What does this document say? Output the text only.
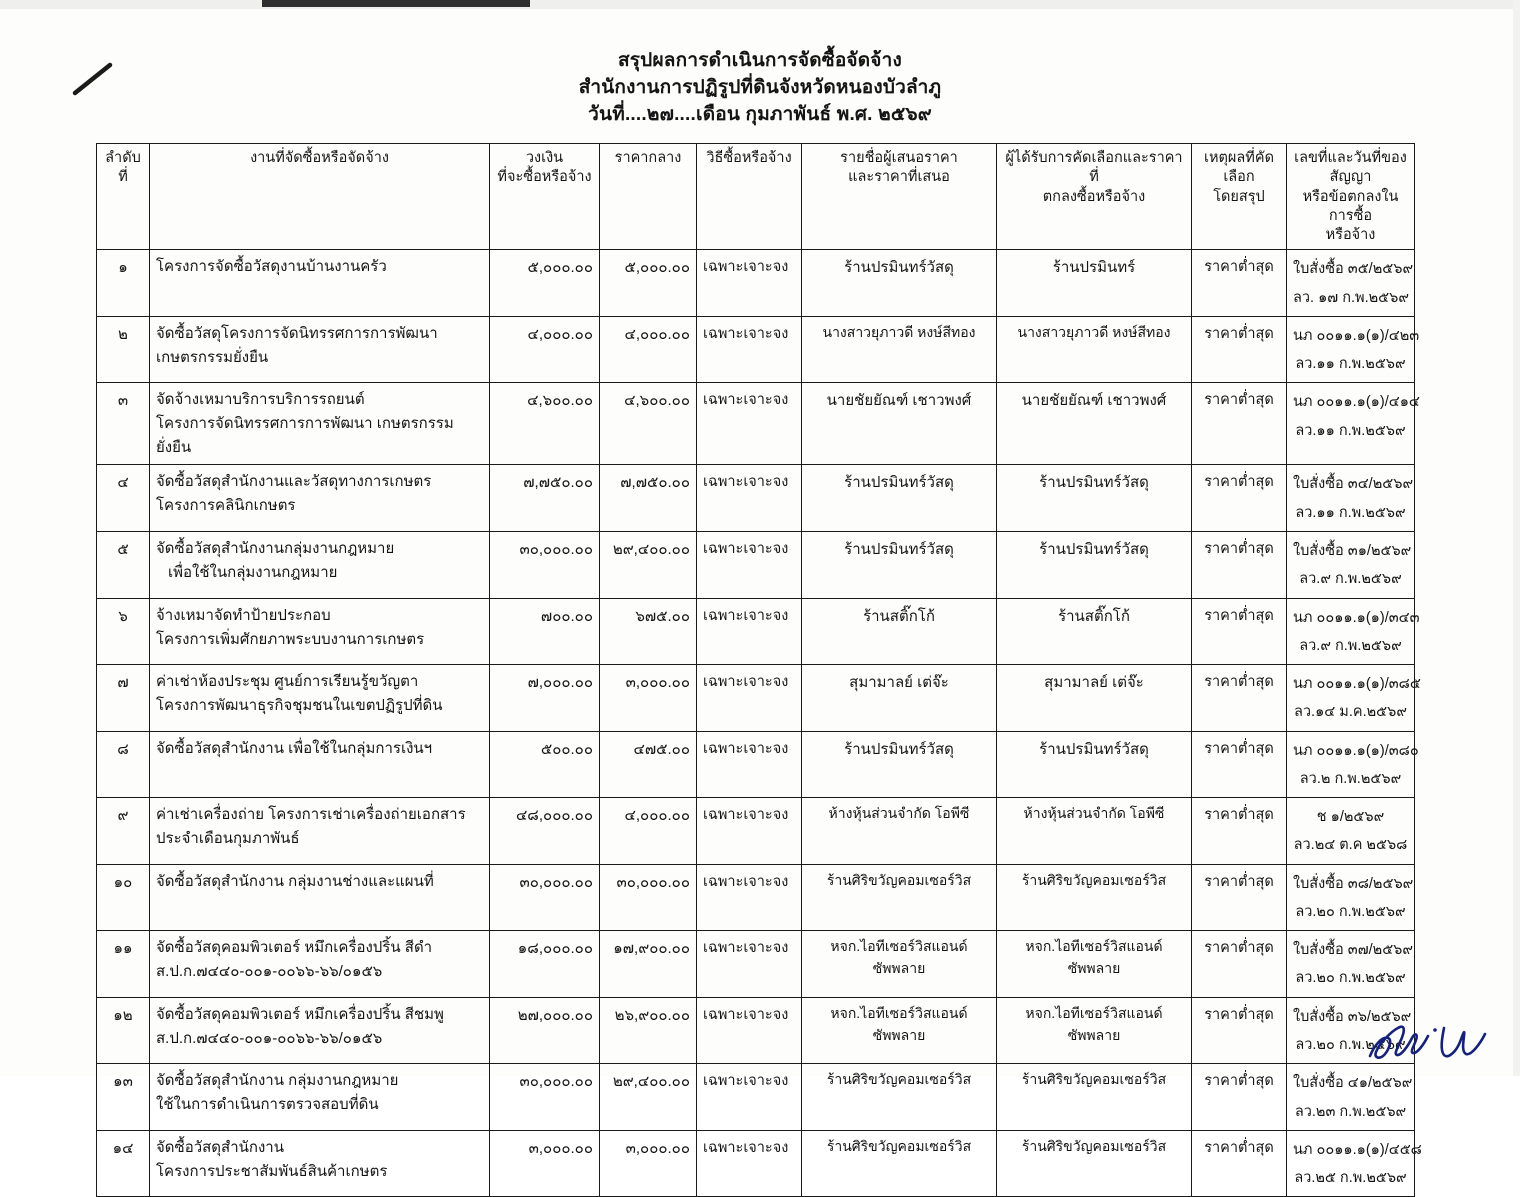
สรุปผลการดำเนินการจัดซื้อจัดจ้าง
สำนักงานการปฏิรูปที่ดินจังหวัดหนองบัวลำภู
วันที่....๒๗....เดือน กุมภาพันธ์ พ.ศ. ๒๕๖๙
ลำดับที่	งานที่จัดซื้อหรือจัดจ้าง	วงเงิน
ที่จะซื้อหรือจ้าง	ราคากลาง	วิธีซื้อหรือจ้าง	รายชื่อผู้เสนอราคา
และราคาที่เสนอ	ผู้ได้รับการคัดเลือกและราคาที่
ตกลงซื้อหรือจ้าง	เหตุผลที่คัดเลือก
โดยสรุป	เลขที่และวันที่ของสัญญา
หรือข้อตกลงในการซื้อ
หรือจ้าง
๑	โครงการจัดซื้อวัสดุงานบ้านงานครัว	๕,๐๐๐.๐๐	๕,๐๐๐.๐๐	เฉพาะเจาะจง	ร้านปรมินทร์วัสดุ	ร้านปรมินทร์	ราคาต่ำสุด	ใบสั่งซื้อ ๓๕/๒๕๖๙
ลว. ๑๗ ก.พ.๒๕๖๙

๒	จัดซื้อวัสดุโครงการจัดนิทรรศการการพัฒนา
เกษตรกรรมยั่งยืน	๔,๐๐๐.๐๐	๔,๐๐๐.๐๐	เฉพาะเจาะจง	นางสาวยุภาวดี หงษ์สีทอง	นางสาวยุภาวดี หงษ์สีทอง	ราคาต่ำสุด	นภ ๐๐๑๑.๑(๑)/๔๒๓
ลว.๑๑ ก.พ.๒๕๖๙

๓	จัดจ้างเหมาบริการบริการรถยนต์
โครงการจัดนิทรรศการการพัฒนา เกษตรกรรมยั่งยืน	๔,๖๐๐.๐๐	๔,๖๐๐.๐๐	เฉพาะเจาะจง	นายชัยยัณฑ์ เชาวพงศ์	นายชัยยัณฑ์ เชาวพงศ์	ราคาต่ำสุด	นภ ๐๐๑๑.๑(๑)/๔๑๔
ลว.๑๑ ก.พ.๒๕๖๙

๔	จัดซื้อวัสดุสำนักงานและวัสดุทางการเกษตร
โครงการคลินิกเกษตร	๗,๗๕๐.๐๐	๗,๗๕๐.๐๐	เฉพาะเจาะจง	ร้านปรมินทร์วัสดุ	ร้านปรมินทร์วัสดุ	ราคาต่ำสุด	ใบสั่งซื้อ ๓๔/๒๕๖๙
ลว.๑๑ ก.พ.๒๕๖๙

๕	จัดซื้อวัสดุสำนักงานกลุ่มงานกฎหมาย
เพื่อใช้ในกลุ่มงานกฎหมาย	๓๐,๐๐๐.๐๐	๒๙,๔๐๐.๐๐	เฉพาะเจาะจง	ร้านปรมินทร์วัสดุ	ร้านปรมินทร์วัสดุ	ราคาต่ำสุด	ใบสั่งซื้อ ๓๑/๒๕๖๙
ลว.๙ ก.พ.๒๕๖๙

๖	จ้างเหมาจัดทำป้ายประกอบ
โครงการเพิ่มศักยภาพระบบงานการเกษตร	๗๐๐.๐๐	๖๗๕.๐๐	เฉพาะเจาะจง	ร้านสติ๊กโก้	ร้านสติ๊กโก้	ราคาต่ำสุด	นภ ๐๐๑๑.๑(๑)/๓๔๓
ลว.๙ ก.พ.๒๕๖๙

๗	ค่าเช่าห้องประชุม ศูนย์การเรียนรู้ขวัญตา
โครงการพัฒนาธุรกิจชุมชนในเขตปฏิรูปที่ดิน	๗,๐๐๐.๐๐	๓,๐๐๐.๐๐	เฉพาะเจาะจง	สุมามาลย์ เต่จ๊ะ	สุมามาลย์ เต่จ๊ะ	ราคาต่ำสุด	นภ ๐๐๑๑.๑(๑)/๓๘๕
ลว.๑๔ ม.ค.๒๕๖๙

๘	จัดซื้อวัสดุสำนักงาน เพื่อใช้ในกลุ่มการเงินฯ	๕๐๐.๐๐	๔๗๕.๐๐	เฉพาะเจาะจง	ร้านปรมินทร์วัสดุ	ร้านปรมินทร์วัสดุ	ราคาต่ำสุด	นภ ๐๐๑๑.๑(๑)/๓๘๐
ลว.๒ ก.พ.๒๕๖๙

๙	ค่าเช่าเครื่องถ่าย โครงการเช่าเครื่องถ่ายเอกสาร
ประจำเดือนกุมภาพันธ์	๔๘,๐๐๐.๐๐	๔,๐๐๐.๐๐	เฉพาะเจาะจง	ห้างหุ้นส่วนจำกัด โอพีซี	ห้างหุ้นส่วนจำกัด โอพีซี	ราคาต่ำสุด	ช ๑/๒๕๖๙
ลว.๒๔ ต.ค ๒๕๖๘

๑๐	จัดซื้อวัสดุสำนักงาน กลุ่มงานช่างและแผนที่	๓๐,๐๐๐.๐๐	๓๐,๐๐๐.๐๐	เฉพาะเจาะจง	ร้านศิริขวัญคอมเซอร์วิส	ร้านศิริขวัญคอมเซอร์วิส	ราคาต่ำสุด	ใบสั่งซื้อ ๓๘/๒๕๖๙
ลว.๒๐ ก.พ.๒๕๖๙

๑๑	จัดซื้อวัสดุคอมพิวเตอร์ หมึกเครื่องปริ้น สีดำ
ส.ป.ก.๗๔๔๐-๐๐๑-๐๐๖๖-๖๖/๐๑๕๖	๑๘,๐๐๐.๐๐	๑๗,๙๐๐.๐๐	เฉพาะเจาะจง	หจก.ไอทีเซอร์วิสแอนด์ซัพพลาย	หจก.ไอทีเซอร์วิสแอนด์ซัพพลาย	ราคาต่ำสุด	ใบสั่งซื้อ ๓๗/๒๕๖๙
ลว.๒๐ ก.พ.๒๕๖๙

๑๒	จัดซื้อวัสดุคอมพิวเตอร์ หมึกเครื่องปริ้น สีชมพู
ส.ป.ก.๗๔๔๐-๐๐๑-๐๐๖๖-๖๖/๐๑๕๖	๒๗,๐๐๐.๐๐	๒๖,๙๐๐.๐๐	เฉพาะเจาะจง	หจก.ไอทีเซอร์วิสแอนด์ซัพพลาย	หจก.ไอทีเซอร์วิสแอนด์ซัพพลาย	ราคาต่ำสุด	ใบสั่งซื้อ ๓๖/๒๕๖๙
ลว.๒๐ ก.พ.๒๕๖๙

๑๓	จัดซื้อวัสดุสำนักงาน กลุ่มงานกฎหมาย
ใช้ในการดำเนินการตรวจสอบที่ดิน	๓๐,๐๐๐.๐๐	๒๙,๔๐๐.๐๐	เฉพาะเจาะจง	ร้านศิริขวัญคอมเซอร์วิส	ร้านศิริขวัญคอมเซอร์วิส	ราคาต่ำสุด	ใบสั่งซื้อ ๔๑/๒๕๖๙
ลว.๒๓ ก.พ.๒๕๖๙

๑๔	จัดซื้อวัสดุสำนักงาน
โครงการประชาสัมพันธ์สินค้าเกษตร	๓,๐๐๐.๐๐	๓,๐๐๐.๐๐	เฉพาะเจาะจง	ร้านศิริขวัญคอมเซอร์วิส	ร้านศิริขวัญคอมเซอร์วิส	ราคาต่ำสุด	นภ ๐๐๑๑.๑(๑)/๔๕๘
ลว.๒๕ ก.พ.๒๕๖๙
